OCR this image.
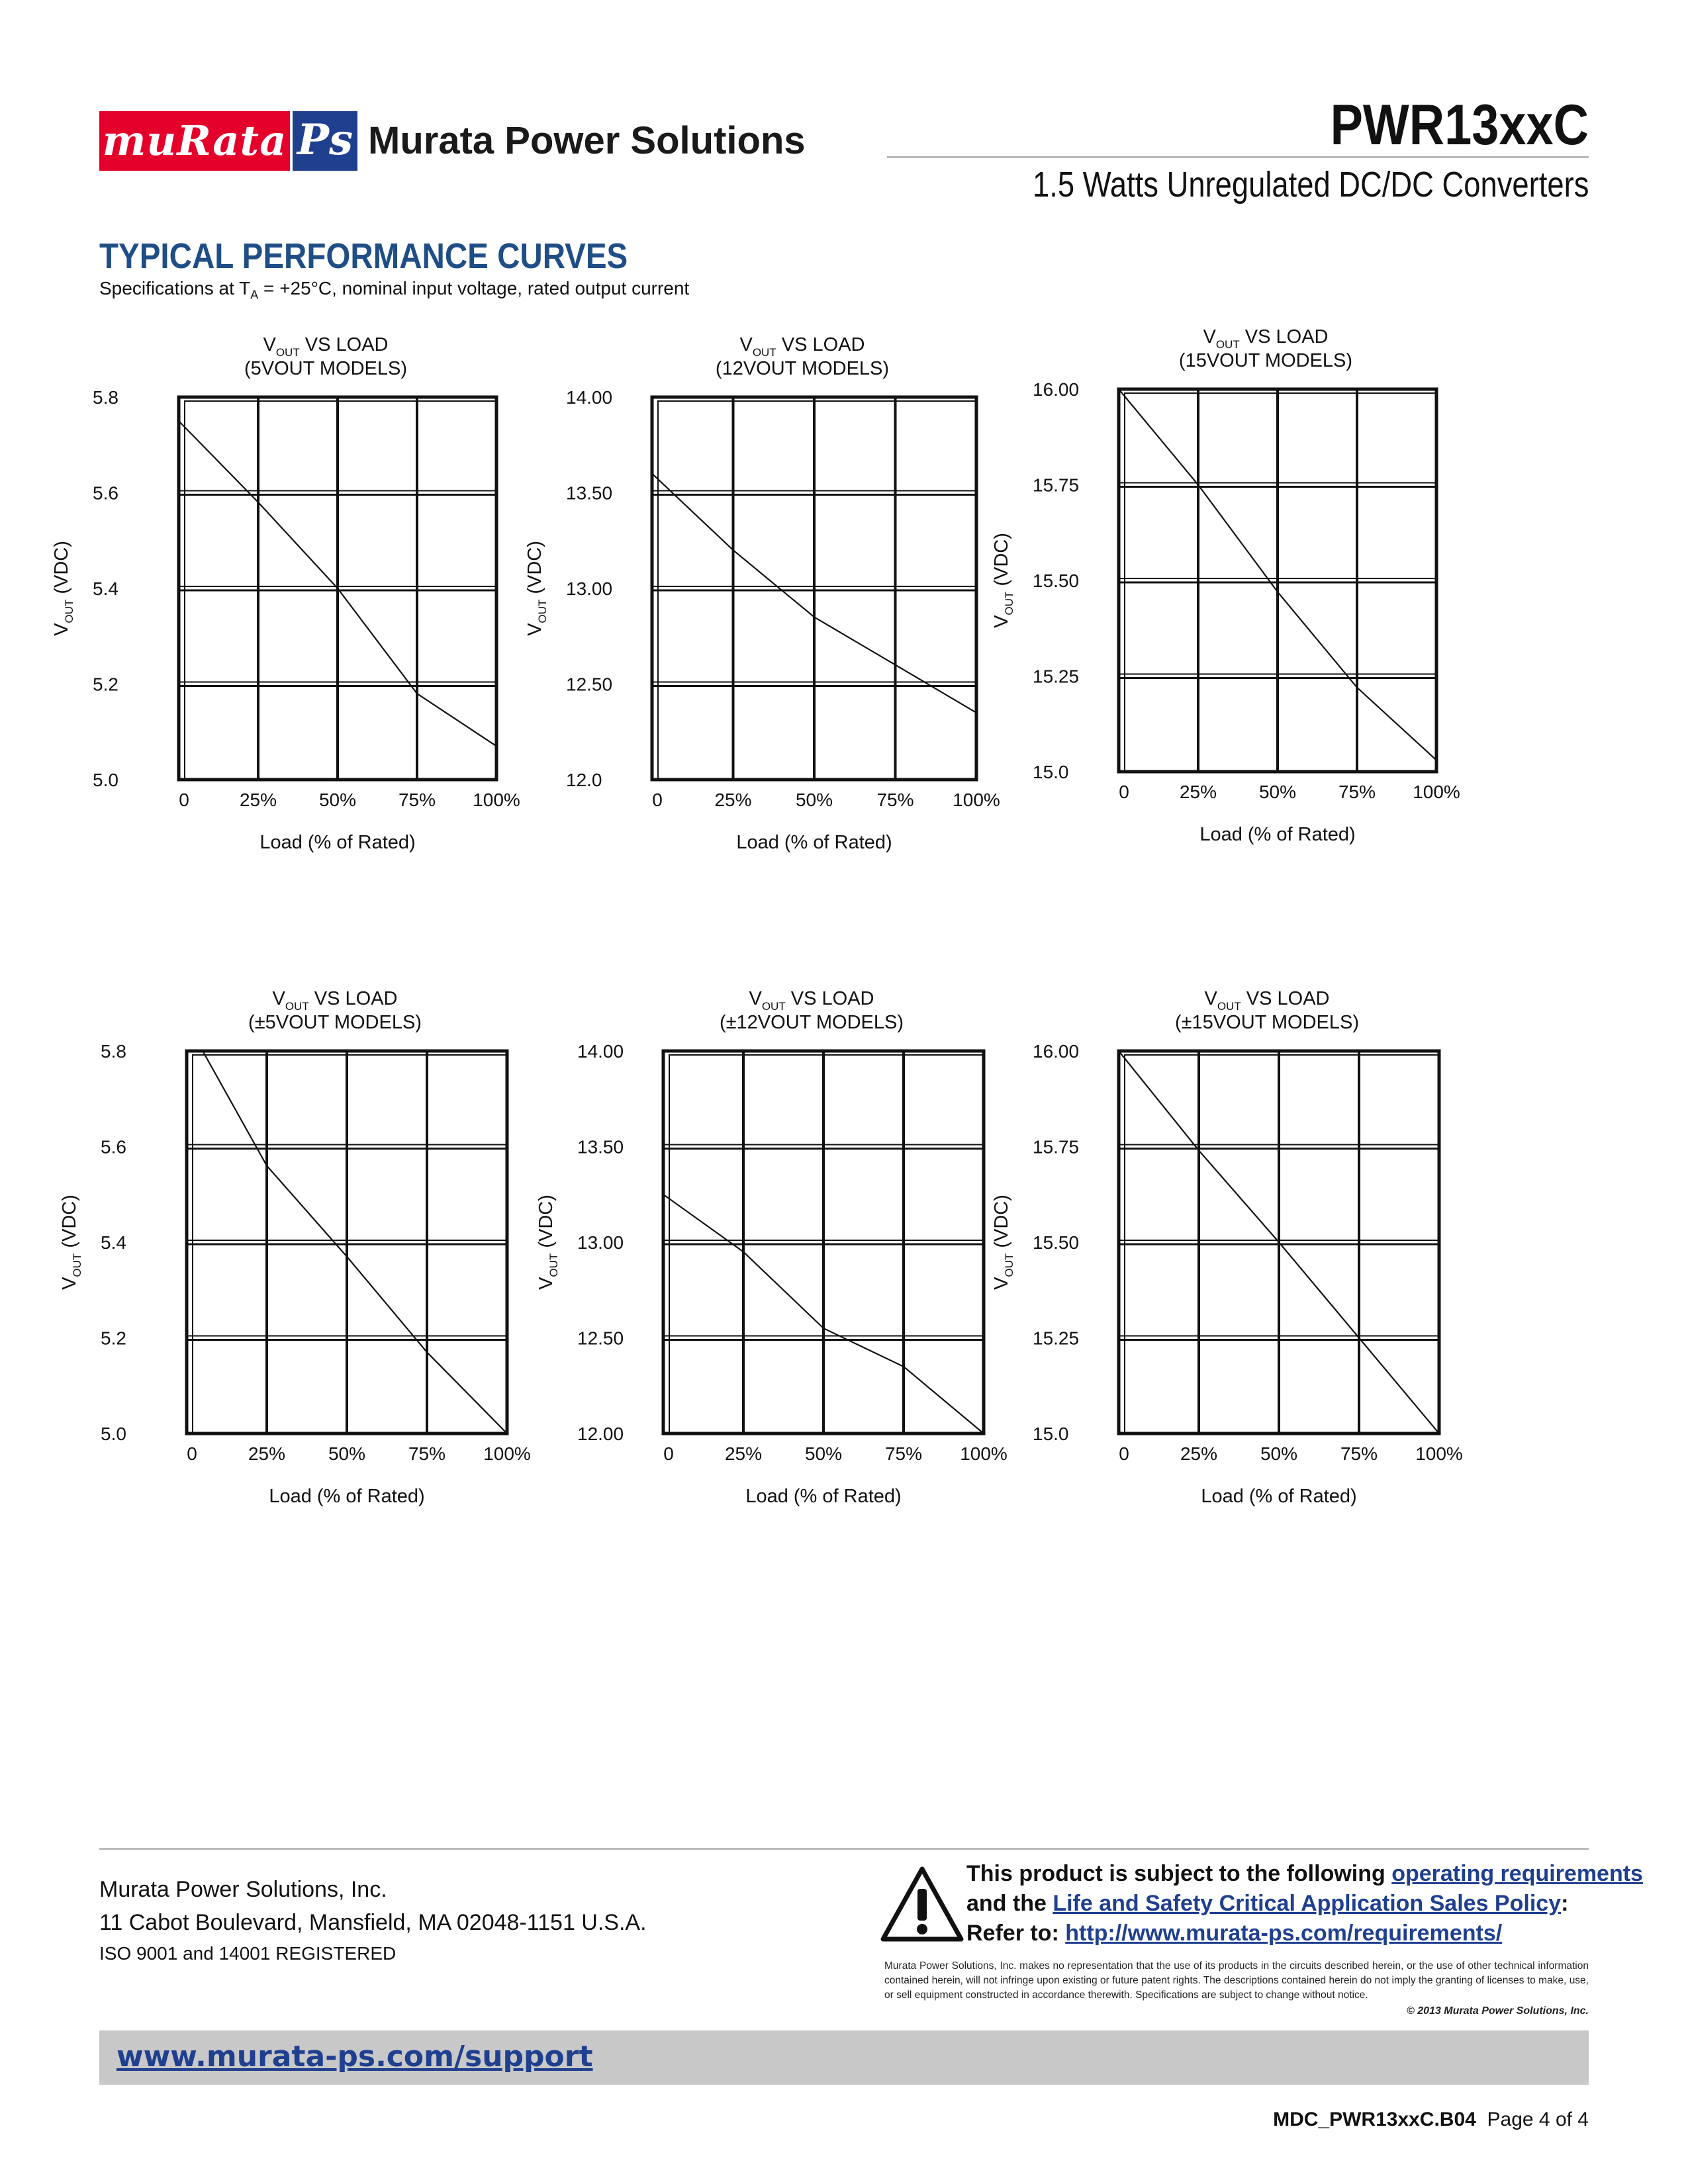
muRata Ps Murata Power Solutions	PWR13xxC
1.5 Watts Unregulated DC/DC Converters
TYPICAL PERFORMANCE CURVES
Specifications at $T_A = +25^\circ C$, nominal input voltage, rated output current
5.0
5.2
5.4
5.6
5.8
0	25% 50% 75% 100%
Load (% of Rated)
$V_{OUT}$ (VDC)
$V_{OUT}$ VS LOAD
(5VOUT MODELS)
12.0
12.50
13.00
13.50
14.00
0	25% 50% 75% 100%
Load (% of Rated)
$V_{OUT}$ (VDC)
$V_{OUT}$ VS LOAD
(12VOUT MODELS)
15.0
15.25
15.50
15.75
16.00
0	25% 50% 75% 100%
Load (% of Rated)
$V_{OUT}$ (VDC)
$V_{OUT}$ VS LOAD
(15VOUT MODELS)
5.0
5.2
5.4
5.6
5.8
0	25% 50% 75% 100%
Load (% of Rated)
$V_{OUT}$ (VDC)
$V_{OUT}$ VS LOAD
(±5VOUT MODELS)
12.00
12.50
13.00
13.50
14.00
0	25% 50% 75% 100%
Load (% of Rated)
$V_{OUT}$ (VDC)
$V_{OUT}$ VS LOAD
(±12VOUT MODELS)
15.0
15.25
15.50
15.75
16.00
0	25% 50% 75% 100%
Load (% of Rated)
$V_{OUT}$ (VDC)
$V_{OUT}$ VS LOAD
(±15VOUT MODELS)
Murata Power Solutions, Inc.
11 Cabot Boulevard, Mansfield, MA 02048-1151 U.S.A.
ISO 9001 and 14001 REGISTERED
This product is subject to the following operating requirements
and the Life and Safety Critical Application Sales Policy:
Refer to: http://www.murata-ps.com/requirements/
Murata Power Solutions, Inc. makes no representation that the use of its products in the circuits described herein, or the use of other technical information contained herein, will not infringe upon existing or future patent rights. The descriptions contained herein do not imply the granting of licenses to make, use, or sell equipment constructed in accordance therewith. Specifications are subject to change without notice.
© 2013 Murata Power Solutions, Inc.
www.murata-ps.com/support
MDC_PWR13xxC.B04 Page 4 of 4
